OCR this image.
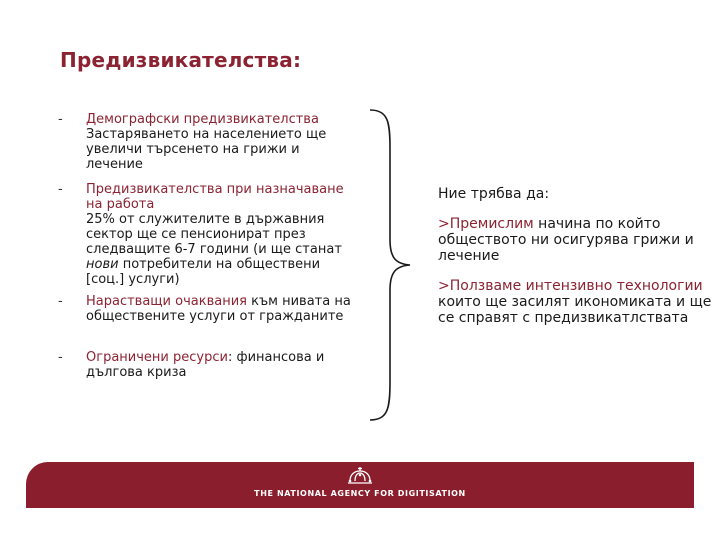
Предизвикателства:
-	Демографски предизвикателства
Застаряването на населението ще увеличи търсенето на грижи и лечение
-	Предизвикателства при назначаване на работа
25% от служителите в държавния сектор ще се пенсионират през следващите 6-7 години (и ще станат нови потребители на обществени [соц.] услуги)
-	Нарастващи очаквания към нивата на обществените услуги от гражданите
-	Ограничени ресурси: финансова и дългова криза
Ние трябва да:
>Премислим начина по който обществото ни осигурява грижи и лечение
>Ползваме интензивно технологии които ще засилят икономиката и ще се справят с предизвикатлствата
THE NATIONAL AGENCY FOR DIGITISATION
